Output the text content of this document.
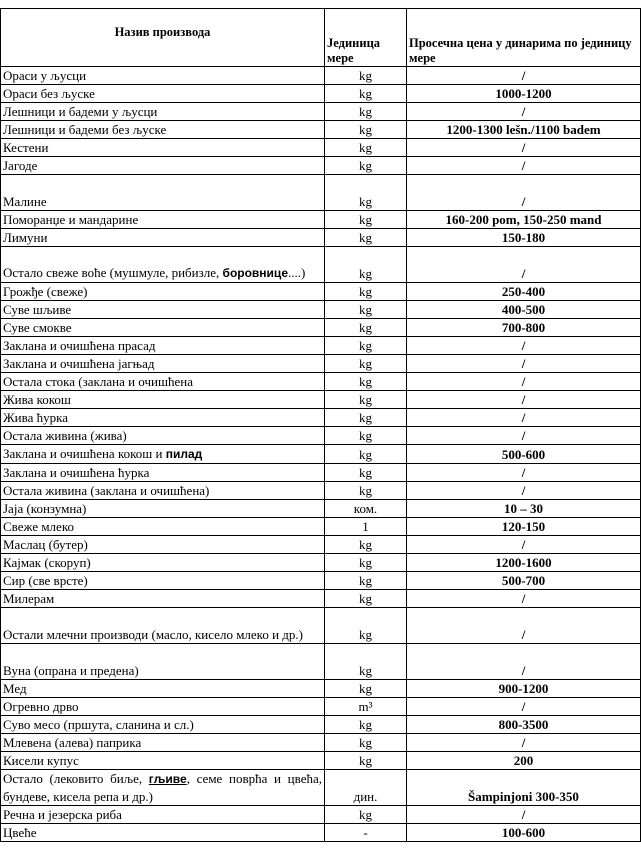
Назив производа	Јединица мере	Просечна цена у динарима по јединицу мере
Ораси у љусци	kg	/
Ораси без љуске	kg	1000-1200
Лешници и бадеми у љусци	kg	/
Лешници и бадеми без љуске	kg	1200-1300 lešn./1100 badem
Кестени	kg	/
Јагоде	kg	/
Малине	kg	/
Поморанџе и мандарине	kg	160-200 pom, 150-250 mand
Лимуни	kg	150-180
Остало свеже воће (мушмуле, рибизле, боровнице....)	kg	/
Грожђе (свеже)	kg	250-400
Суве шљиве	kg	400-500
Суве смокве	kg	700-800
Заклана и очишћена прасад	kg	/
Заклана и очишћена јагњад	kg	/
Остала стока (заклана и очишћена	kg	/
Жива кокош	kg	/
Жива ћурка	kg	/
Остала живина (жива)	kg	/
Заклана и очишћена кокош и пилад	kg	500-600
Заклана и очишћена ћурка	kg	/
Остала живина (заклана и очишћена)	kg	/
Јаја (конзумна)	ком.	10 – 30
Свеже млеко	1	120-150
Маслац (бутер)	kg	/
Кајмак (скоруп)	kg	1200-1600
Сир (све врсте)	kg	500-700
Милерам	kg	/
Остали млечни производи (масло, кисело млеко и др.)	kg	/
Вуна (опрана и предена)	kg	/
Мед	kg	900-1200
Огревно дрво	m³	/
Суво месо (пршута, сланина и сл.)	kg	800-3500
Млевена (алева) паприка	kg	/
Кисели купус	kg	200
Остало (лековито биље, гљиве, семе поврћа и цвећа, бундеве, кисела репа и др.)	дин.	Šampinjoni 300-350
Речна и језерска риба	kg	/
Цвеће	-	100-600
